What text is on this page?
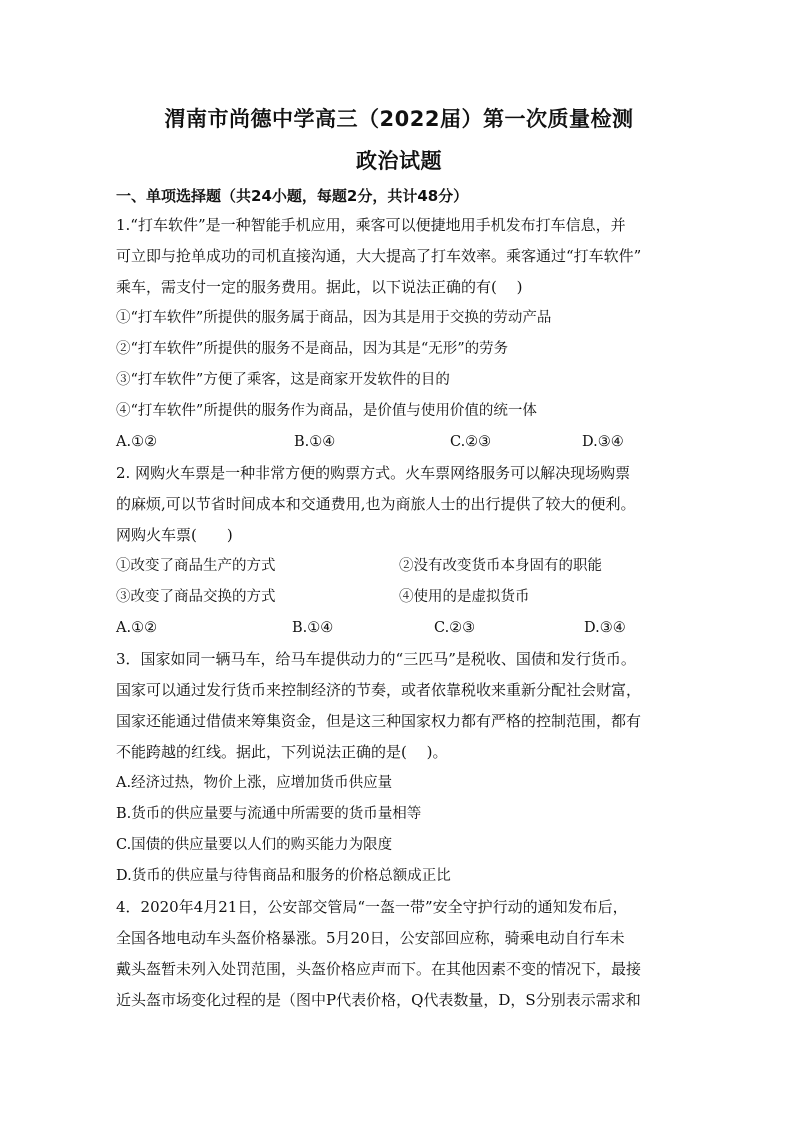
渭南市尚德中学高三（2022届）第一次质量检测
政治试题
一、单项选择题（共24小题，每题2分，共计48分）

1.“打车软件”是一种智能手机应用，乘客可以便捷地用手机发布打车信息，并

可立即与抢单成功的司机直接沟通，大大提高了打车效率。乘客通过“打车软件”

乘车，需支付一定的服务费用。据此，以下说法正确的有(　 )

①“打车软件”所提供的服务属于商品，因为其是用于交换的劳动产品

②“打车软件”所提供的服务不是商品，因为其是“无形”的劳务

③“打车软件”方便了乘客，这是商家开发软件的目的

④“打车软件”所提供的服务作为商品，是价值与使用价值的统一体

A.①②	B.①④	C.②③	D.③④

2. 网购火车票是一种非常方便的购票方式。火车票网络服务可以解决现场购票

的麻烦,可以节省时间成本和交通费用,也为商旅人士的出行提供了较大的便利。

网购火车票(　　)

①改变了商品生产的方式	②没有改变货币本身固有的职能
③改变了商品交换的方式	④使用的是虚拟货币
A.①②	B.①④	C.②③	D.③④

3．国家如同一辆马车，给马车提供动力的“三匹马”是税收、国债和发行货币。

国家可以通过发行货币来控制经济的节奏，或者依靠税收来重新分配社会财富，

国家还能通过借债来筹集资金，但是这三种国家权力都有严格的控制范围，都有

不能跨越的红线。据此，下列说法正确的是(　 )。

A.经济过热，物价上涨，应增加货币供应量

B.货币的供应量要与流通中所需要的货币量相等

C.国债的供应量要以人们的购买能力为限度

D.货币的供应量与待售商品和服务的价格总额成正比

4．2020年4月21日，公安部交管局“一盔一带”安全守护行动的通知发布后，

全国各地电动车头盔价格暴涨。5月20日，公安部回应称，骑乘电动自行车未

戴头盔暂未列入处罚范围，头盔价格应声而下。在其他因素不变的情况下，最接

近头盔市场变化过程的是（图中P代表价格，Q代表数量，D，S分别表示需求和
